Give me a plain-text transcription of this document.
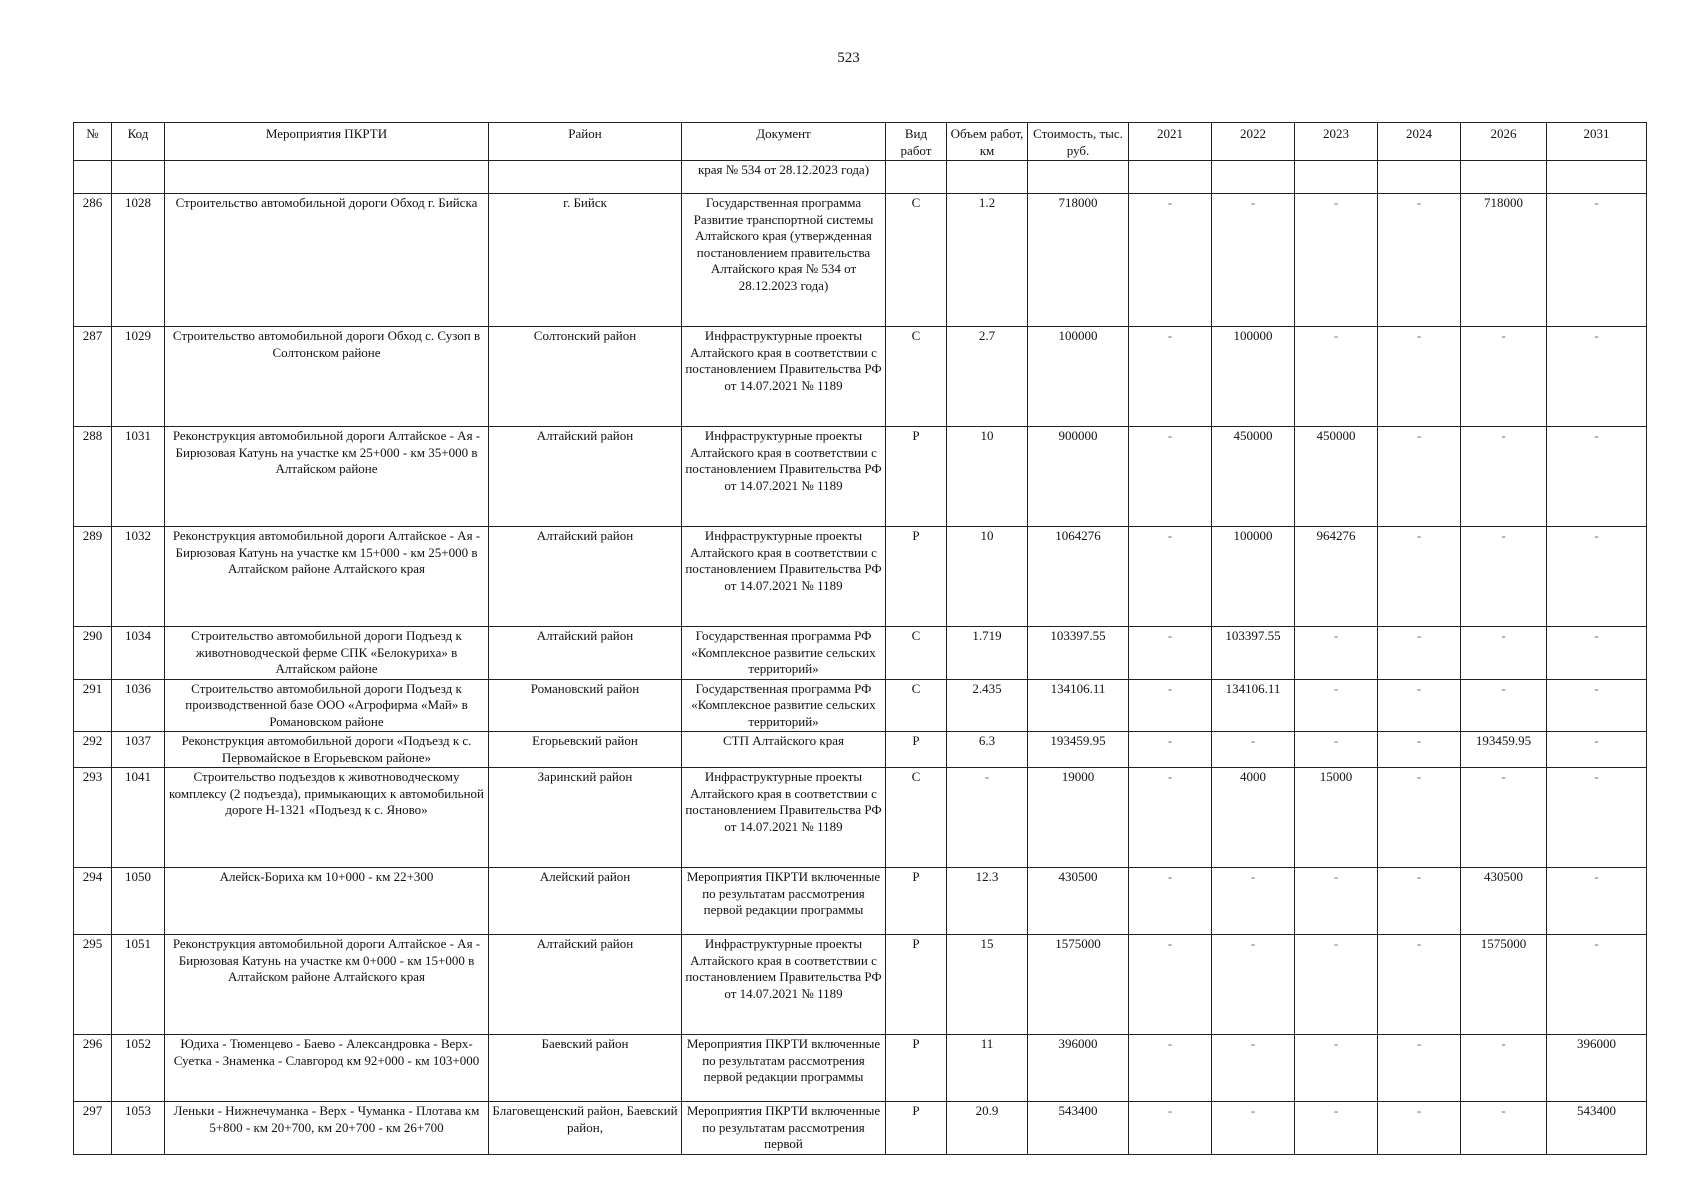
523
№	Код	Мероприятия ПКРТИ	Район	Документ	Вид работ	Объем работ, км	Стоимость, тыс. руб.	2021	2022	2023	2024	2026	2031
				края № 534 от 28.12.2023 года)									
286	1028	Строительство автомобильной дороги Обход г. Бийска	г. Бийск	Государственная программа Развитие транспортной системы Алтайского края (утвержденная постановлением правительства Алтайского края № 534 от 28.12.2023 года)	С	1.2	718000	-	-	-	-	718000	-
287	1029	Строительство автомобильной дороги Обход с. Сузоп в Солтонском районе	Солтонский район	Инфраструктурные проекты Алтайского края в соответствии с постановлением Правительства РФ от 14.07.2021 № 1189	С	2.7	100000	-	100000	-	-	-	-
288	1031	Реконструкция автомобильной дороги Алтайское - Ая - Бирюзовая Катунь на участке км 25+000 - км 35+000 в Алтайском районе	Алтайский район	Инфраструктурные проекты Алтайского края в соответствии с постановлением Правительства РФ от 14.07.2021 № 1189	Р	10	900000	-	450000	450000	-	-	-
289	1032	Реконструкция автомобильной дороги Алтайское - Ая - Бирюзовая Катунь на участке км 15+000 - км 25+000 в Алтайском районе Алтайского края	Алтайский район	Инфраструктурные проекты Алтайского края в соответствии с постановлением Правительства РФ от 14.07.2021 № 1189	Р	10	1064276	-	100000	964276	-	-	-
290	1034	Строительство автомобильной дороги Подъезд к животноводческой ферме СПК «Белокуриха» в Алтайском районе	Алтайский район	Государственная программа РФ «Комплексное развитие сельских территорий»	С	1.719	103397.55	-	103397.55	-	-	-	-
291	1036	Строительство автомобильной дороги Подъезд к производственной базе ООО «Агрофирма «Май» в Романовском районе	Романовский район	Государственная программа РФ «Комплексное развитие сельских территорий»	С	2.435	134106.11	-	134106.11	-	-	-	-
292	1037	Реконструкция автомобильной дороги «Подъезд к с. Первомайское в Егорьевском районе»	Егорьевский район	СТП Алтайского края	Р	6.3	193459.95	-	-	-	-	193459.95	-
293	1041	Строительство подъездов к животноводческому комплексу (2 подъезда), примыкающих к автомобильной дороге Н-1321 «Подъезд к с. Яново»	Заринский район	Инфраструктурные проекты Алтайского края в соответствии с постановлением Правительства РФ от 14.07.2021 № 1189	С	-	19000	-	4000	15000	-	-	-
294	1050	Алейск-Бориха км 10+000 - км 22+300	Алейский район	Мероприятия ПКРТИ включенные по результатам рассмотрения первой редакции программы	Р	12.3	430500	-	-	-	-	430500	-
295	1051	Реконструкция автомобильной дороги Алтайское - Ая - Бирюзовая Катунь на участке км 0+000 - км 15+000 в Алтайском районе Алтайского края	Алтайский район	Инфраструктурные проекты Алтайского края в соответствии с постановлением Правительства РФ от 14.07.2021 № 1189	Р	15	1575000	-	-	-	-	1575000	-
296	1052	Юдиха - Тюменцево - Баево - Александровка - Верх-Суетка - Знаменка - Славгород км 92+000 - км 103+000	Баевский район	Мероприятия ПКРТИ включенные по результатам рассмотрения первой редакции программы	Р	11	396000	-	-	-	-	-	396000
297	1053	Леньки - Нижнечуманка - Верх - Чуманка - Плотава км 5+800 - км 20+700, км 20+700 - км 26+700	Благовещенский район, Баевский район,	Мероприятия ПКРТИ включенные по результатам рассмотрения первой	Р	20.9	543400	-	-	-	-	-	543400
